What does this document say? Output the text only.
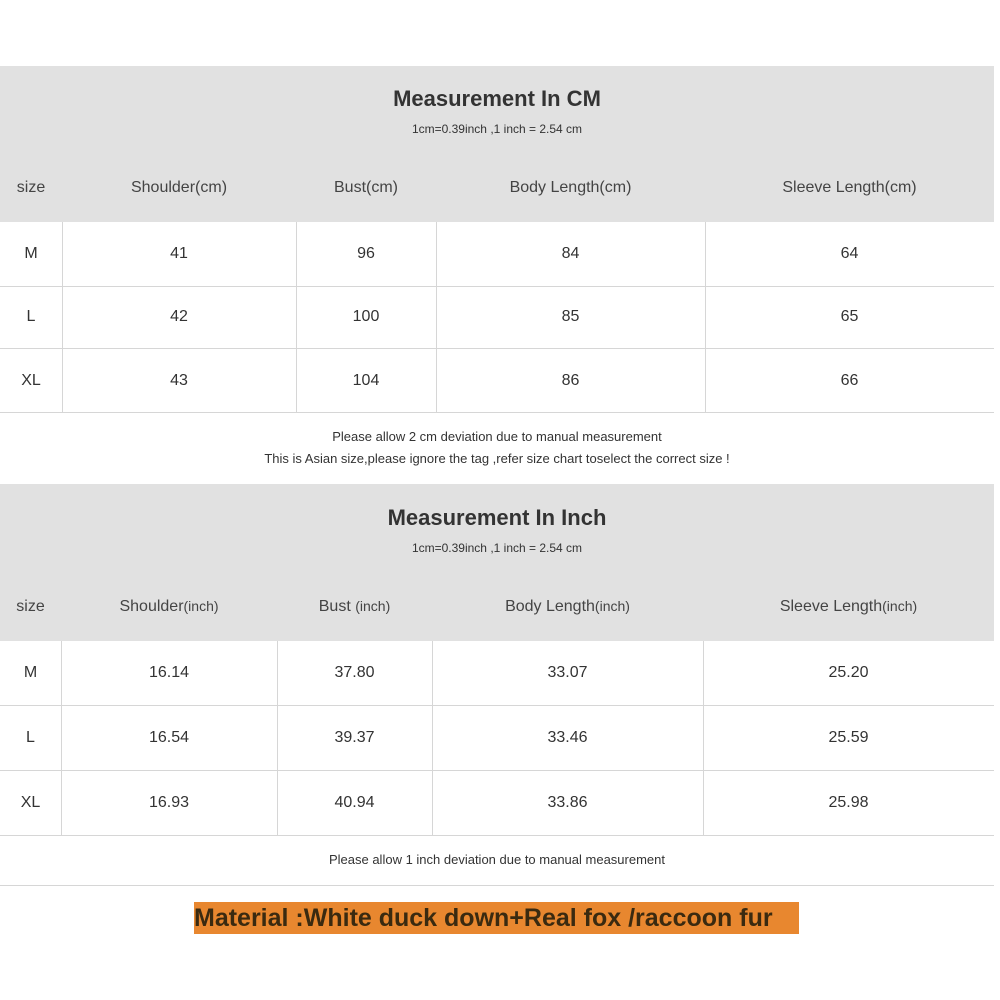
Measurement In CM
1cm=0.39inch ,1 inch = 2.54 cm
size	Shoulder(cm)	Bust(cm)	Body Length(cm)	Sleeve Length(cm)
M	41	96	84	64
L	42	100	85	65
XL	43	104	86	66
Please allow 2 cm deviation due to manual measurement
This is Asian size,please ignore the tag ,refer size chart toselect the correct size !
Measurement In Inch
1cm=0.39inch ,1 inch = 2.54 cm
size	Shoulder(inch)	Bust (inch)	Body Length(inch)	Sleeve Length(inch)
M	16.14	37.80	33.07	25.20
L	16.54	39.37	33.46	25.59
XL	16.93	40.94	33.86	25.98
Please allow 1 inch deviation due to manual measurement
Material :White duck down+Real fox /raccoon fur
